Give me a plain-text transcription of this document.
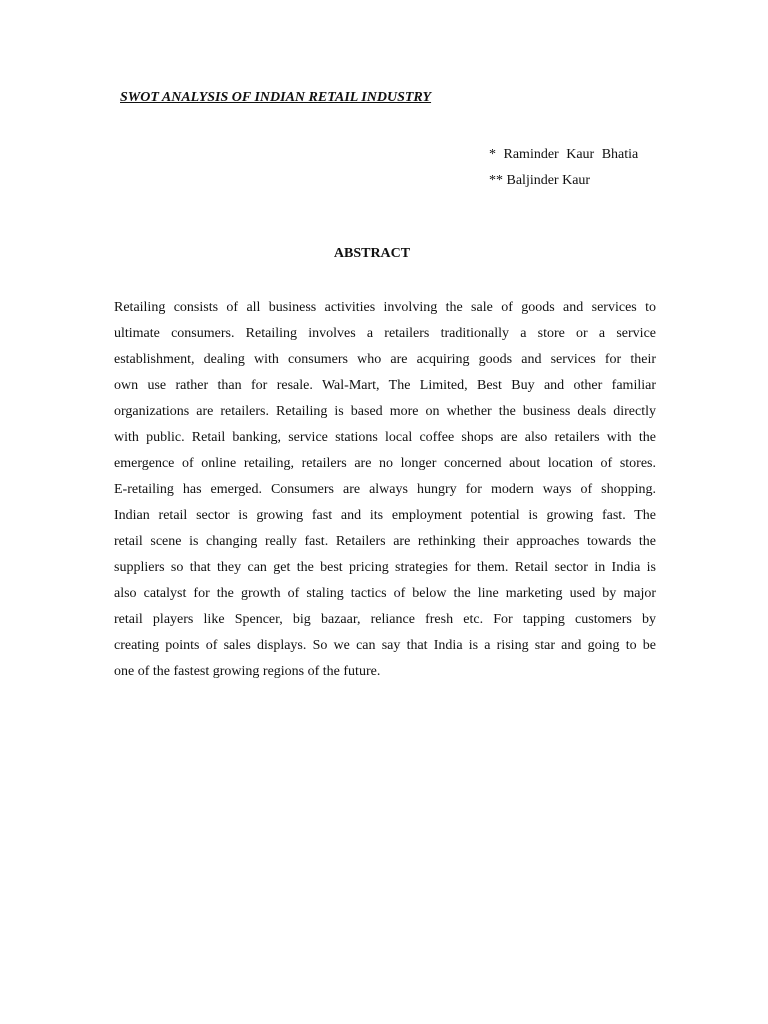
SWOT ANALYSIS OF INDIAN RETAIL INDUSTRY
* Raminder Kaur Bhatia
** Baljinder Kaur
ABSTRACT
Retailing consists of all business activities involving the sale of goods and services to
ultimate consumers. Retailing involves a retailers traditionally a store or a service
establishment, dealing with consumers who are acquiring goods and services for their
own use rather than for resale. Wal-Mart, The Limited, Best Buy and other familiar
organizations are retailers. Retailing is based more on whether the business deals directly
with public. Retail banking, service stations local coffee shops are also retailers with the
emergence of online retailing, retailers are no longer concerned about location of stores.
E-retailing has emerged. Consumers are always hungry for modern ways of shopping.
Indian retail sector is growing fast and its employment potential is growing fast. The
retail scene is changing really fast. Retailers are rethinking their approaches towards the
suppliers so that they can get the best pricing strategies for them. Retail sector in India is
also catalyst for the growth of staling tactics of below the line marketing used by major
retail players like Spencer, big bazaar, reliance fresh etc. For tapping customers by
creating points of sales displays. So we can say that India is a rising star and going to be
one of the fastest growing regions of the future.
